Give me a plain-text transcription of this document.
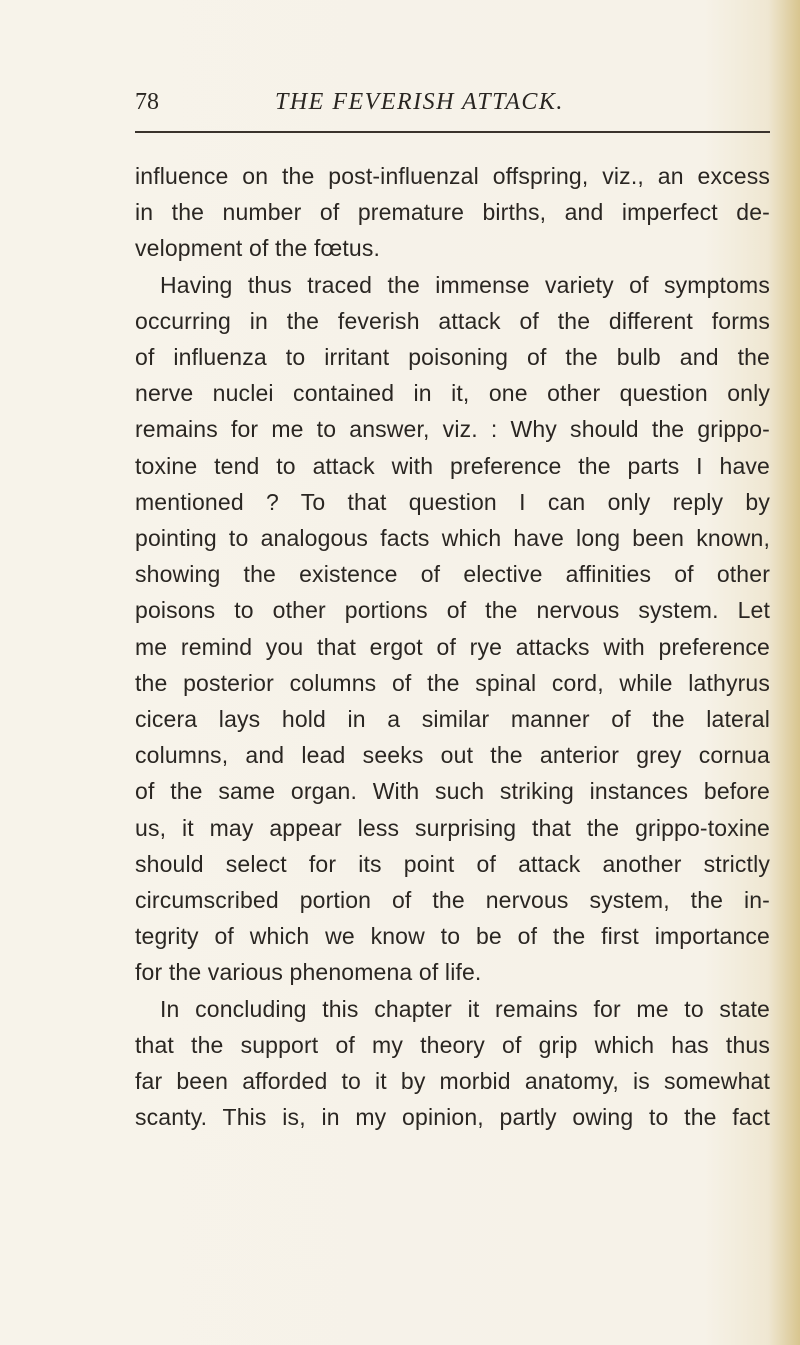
78	THE FEVERISH ATTACK.
influence on the post-influenzal offspring, viz., an excess
in the number of premature births, and imperfect de-
velopment of the fœtus.
Having thus traced the immense variety of symptoms
occurring in the feverish attack of the different forms
of influenza to irritant poisoning of the bulb and the
nerve nuclei contained in it, one other question only
remains for me to answer, viz. : Why should the grippo-
toxine tend to attack with preference the parts I have
mentioned ? To that question I can only reply by
pointing to analogous facts which have long been known,
showing the existence of elective affinities of other
poisons to other portions of the nervous system. Let
me remind you that ergot of rye attacks with preference
the posterior columns of the spinal cord, while lathyrus
cicera lays hold in a similar manner of the lateral
columns, and lead seeks out the anterior grey cornua
of the same organ. With such striking instances before
us, it may appear less surprising that the grippo-toxine
should select for its point of attack another strictly
circumscribed portion of the nervous system, the in-
tegrity of which we know to be of the first importance
for the various phenomena of life.
In concluding this chapter it remains for me to state
that the support of my theory of grip which has thus
far been afforded to it by morbid anatomy, is somewhat
scanty. This is, in my opinion, partly owing to the fact
